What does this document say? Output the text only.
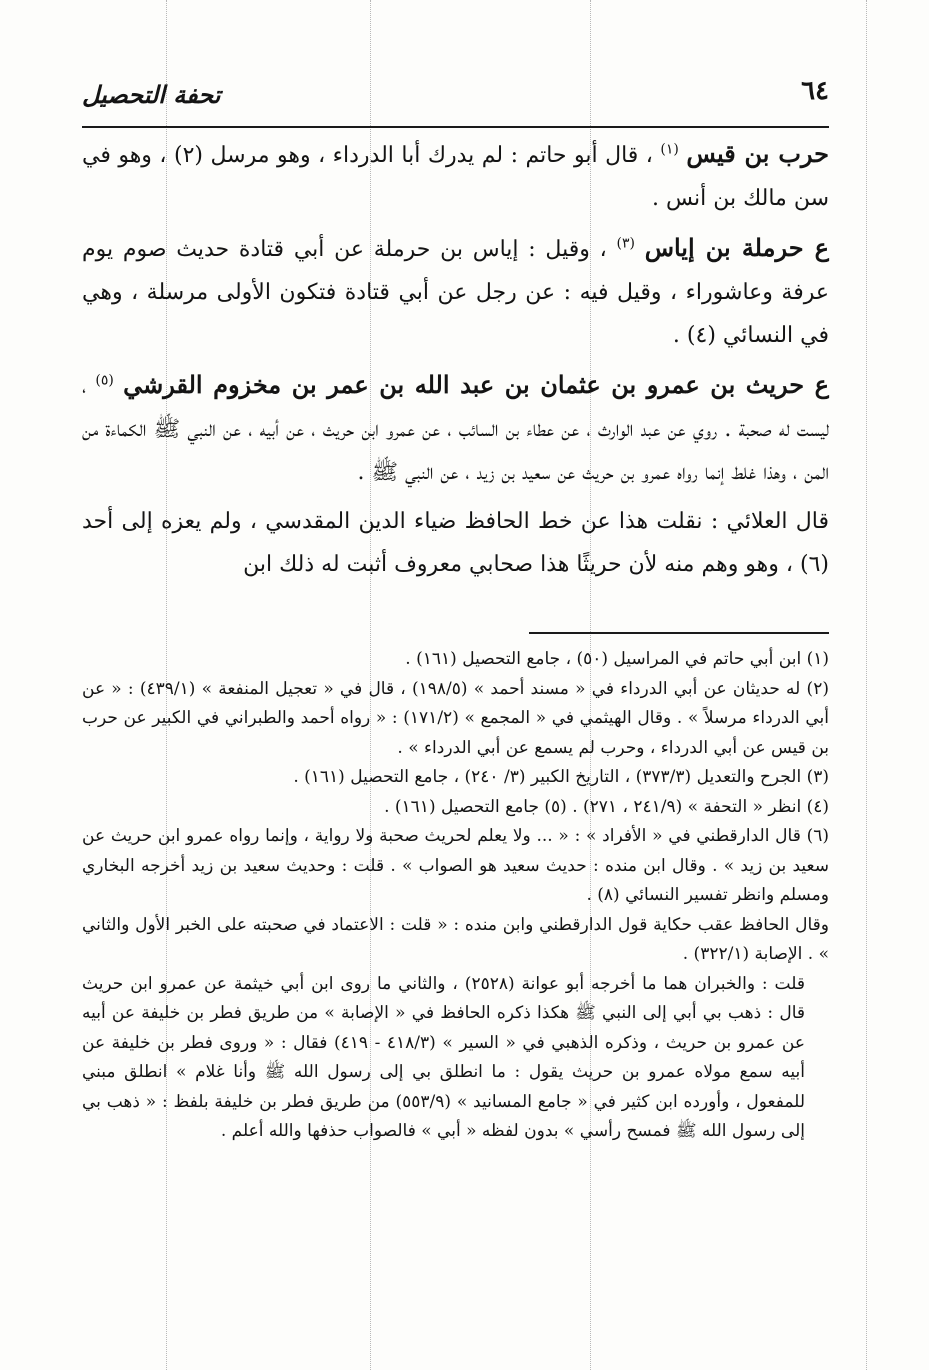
٦٤
تحفة التحصيل

حرب بن قيس $^{(١)}$ ، قال أبو حاتم : لم يدرك أبا الدرداء ، وهو مرسل (٢) ، وهو في سن مالك بن أنس .

ع حرملة بن إياس $^{(٣)}$ ، وقيل : إياس بن حرملة عن أبي قتادة حديث صوم يوم عرفة وعاشوراء ، وقيل فيه : عن رجل عن أبي قتادة فتكون الأولى مرسلة ، وهي في النسائي (٤) .

ع حريث بن عمرو بن عثمان بن عبد الله بن عمر بن مخزوم القرشي $^{(٥)}$ ، ليست له صحبة . روي عن عبد الوارث ، عن عطاء بن السائب ، عن عمرو ابن حريث ، عن أبيه ، عن النبي ﷺ الكماءة من المن ، وهذا غلط إنما رواه عمرو بن حريث عن سعيد بن زيد ، عن النبي ﷺ .

قال العلائي : نقلت هذا عن خط الحافظ ضياء الدين المقدسي ، ولم يعزه إلى أحد (٦) ، وهو وهم منه لأن حريثًا هذا صحابي معروف أثبت له ذلك ابن

(١) ابن أبي حاتم في المراسيل (٥٠) ، جامع التحصيل (١٦١) .

(٢) له حديثان عن أبي الدرداء في « مسند أحمد » (١٩٨/٥) ، قال في « تعجيل المنفعة » (٤٣٩/١) : « عن أبي الدرداء مرسلاً » . وقال الهيثمي في « المجمع » (١٧١/٢) : « رواه أحمد والطبراني في الكبير عن حرب بن قيس عن أبي الدرداء ، وحرب لم يسمع عن أبي الدرداء » .

(٣) الجرح والتعديل (٣٧٣/٣) ، التاريخ الكبير (٣/ ٢٤٠) ، جامع التحصيل (١٦١) .

(٤) انظر « التحفة » (٢٤١/٩ ، ٢٧١) . (٥) جامع التحصيل (١٦١) .

(٦) قال الدارقطني في « الأفراد » : « ... ولا يعلم لحريث صحبة ولا رواية ، وإنما رواه عمرو ابن حريث عن سعيد بن زيد » . وقال ابن منده : حديث سعيد هو الصواب » . قلت : وحديث سعيد بن زيد أخرجه البخاري ومسلم وانظر تفسير النسائي (٨) .

وقال الحافظ عقب حكاية قول الدارقطني وابن منده : « قلت : الاعتماد في صحبته على الخبر الأول والثاني » . الإصابة (٣٢٢/١) .

قلت : والخبران هما ما أخرجه أبو عوانة (٢٥٢٨) ، والثاني ما روى ابن أبي خيثمة عن عمرو ابن حريث قال : ذهب بي أبي إلى النبي ﷺ هكذا ذكره الحافظ في « الإصابة » من طريق فطر بن خليفة عن أبيه عن عمرو بن حريث ، وذكره الذهبي في « السير » (٤١٨/٣ - ٤١٩) فقال : « وروى فطر بن خليفة عن أبيه سمع مولاه عمرو بن حريث يقول : ما انطلق بي إلى رسول الله ﷺ وأنا غلام » انطلق مبني للمفعول ، وأورده ابن كثير في « جامع المسانيد » (٥٥٣/٩) من طريق فطر بن خليفة بلفظ : « ذهب بي إلى رسول الله ﷺ فمسح رأسي » بدون لفظه « أبي » فالصواب حذفها والله أعلم .
